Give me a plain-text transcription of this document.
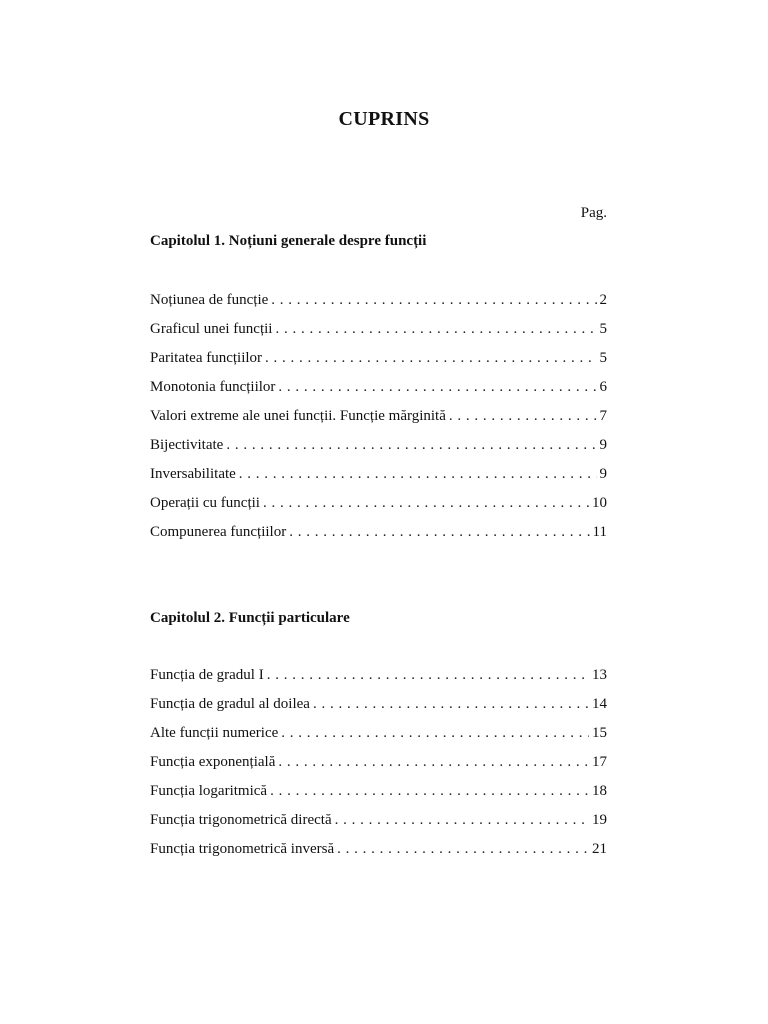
CUPRINS
Pag.
Capitolul 1. Noțiuni generale despre funcții
Noțiunea de funcție . . .	2
Graficul unei funcții . . .	5
Paritatea funcțiilor . . .	5
Monotonia funcțiilor . . .	6
Valori extreme ale unei funcții. Funcție mărginită . . .	7
Bijectivitate . . .	9
Inversabilitate . . .	9
Operații cu funcții . . .	10
Compunerea funcțiilor . . .	11
Capitolul 2. Funcții particulare
Funcția de gradul I . . .	13
Funcția de gradul al doilea . . .	14
Alte funcții numerice . . .	15
Funcția exponențială . . .	17
Funcția logaritmică . . .	18
Funcția trigonometrică directă . . .	19
Funcția trigonometrică inversă . . .	21
